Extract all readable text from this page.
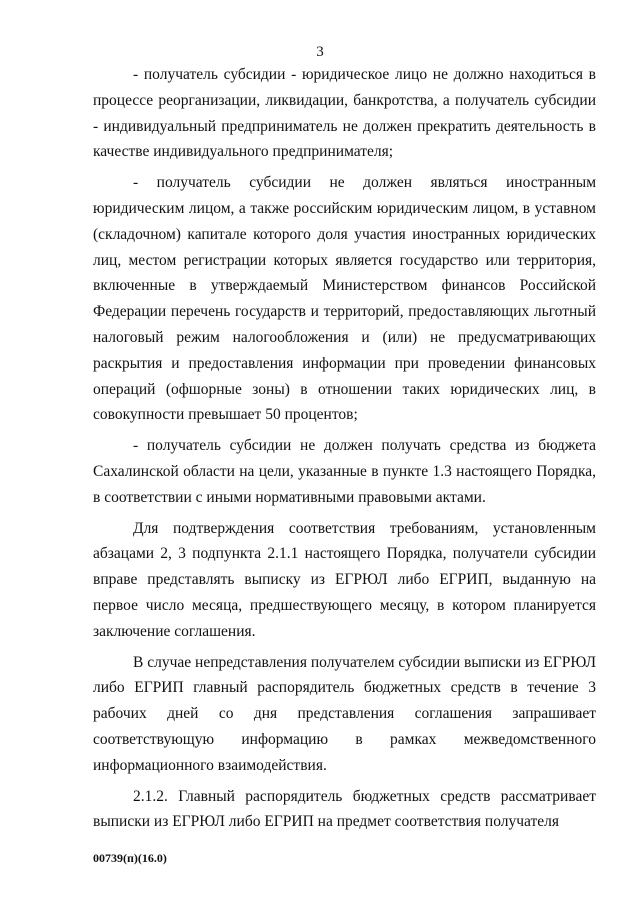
3

- получатель субсидии - юридическое лицо не должно находиться в процессе реорганизации, ликвидации, банкротства, а получатель субсидии - индивидуальный предприниматель не должен прекратить деятельность в качестве индивидуального предпринимателя;

- получатель субсидии не должен являться иностранным юридическим лицом, а также российским юридическим лицом, в уставном (складочном) капитале которого доля участия иностранных юридических лиц, местом регистрации которых является государство или территория, включенные в утверждаемый Министерством финансов Российской Федерации перечень государств и территорий, предоставляющих льготный налоговый режим налогообложения и (или) не предусматривающих раскрытия и предоставления информации при проведении финансовых операций (офшорные зоны) в отношении таких юридических лиц, в совокупности превышает 50 процентов;

- получатель субсидии не должен получать средства из бюджета Сахалинской области на цели, указанные в пункте 1.3 настоящего Порядка, в соответствии с иными нормативными правовыми актами.

Для подтверждения соответствия требованиям, установленным абзацами 2, 3 подпункта 2.1.1 настоящего Порядка, получатели субсидии вправе представлять выписку из ЕГРЮЛ либо ЕГРИП, выданную на первое число месяца, предшествующего месяцу, в котором планируется заключение соглашения.

В случае непредставления получателем субсидии выписки из ЕГРЮЛ либо ЕГРИП главный распорядитель бюджетных средств в течение 3 рабочих дней со дня представления соглашения запрашивает соответствующую информацию в рамках межведомственного информационного взаимодействия.

2.1.2. Главный распорядитель бюджетных средств рассматривает выписки из ЕГРЮЛ либо ЕГРИП на предмет соответствия получателя

00739(п)(16.0)
